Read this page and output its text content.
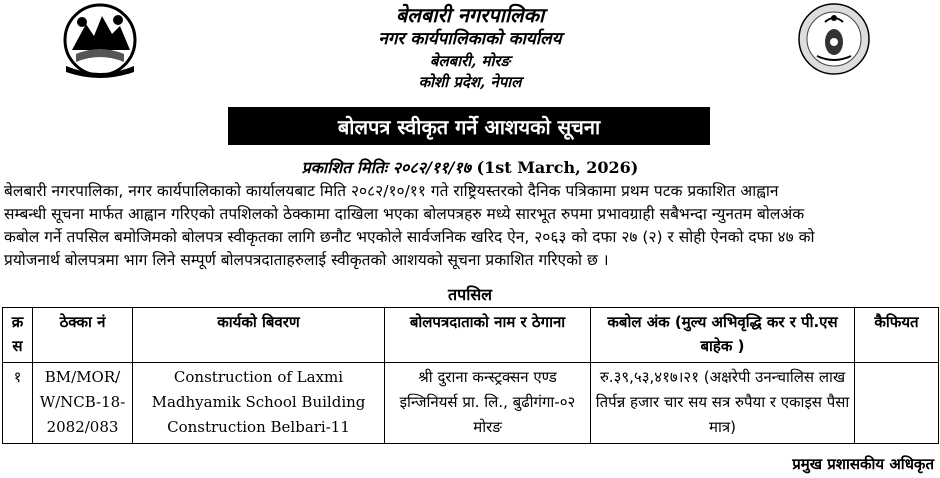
बेलबारी नगरपालिका
नगर कार्यपालिकाको कार्यालय
बेलबारी, मोरङ
कोशी प्रदेश, नेपाल
बोलपत्र स्वीकृत गर्ने आशयको सूचना
प्रकाशित मितिः २०८२/११/१७ (1st March, 2026)
बेलबारी नगरपालिका, नगर कार्यपालिकाको कार्यालयबाट मिति २०८२/१०/११ गते राष्ट्रियस्तरको दैनिक पत्रिकामा प्रथम पटक प्रकाशित आह्वान
सम्बन्धी सूचना मार्फत आह्वान गरिएको तपशिलको ठेक्कामा दाखिला भएका बोलपत्रहरु मध्ये सारभूत रुपमा प्रभावग्राही सबैभन्दा न्युनतम बोलअंक
कबोल गर्ने तपसिल बमोजिमको बोलपत्र स्वीकृतका लागि छनौट भएकोले सार्वजनिक खरिद ऐन, २०६३ को दफा २७ (२) र सोही ऐनको दफा ४७ को
प्रयोजनार्थ बोलपत्रमा भाग लिने सम्पूर्ण बोलपत्रदाताहरुलाई स्वीकृतको आशयको सूचना प्रकाशित गरिएको छ ।
तपसिल
क्र स	ठेक्का नं	कार्यको बिवरण	बोलपत्रदाताको नाम र ठेगाना	कबोल अंक (मुल्य अभिवृद्धि कर र पी.एस बाहेक )	कैफियत
१	BM/MOR/ W/NCB-18- 2082/083	Construction of Laxmi Madhyamik School Building Construction Belbari-11	श्री दुराना कन्स्ट्रक्सन एण्ड इन्जिनियर्स प्रा. लि., बुढीगंगा-०२ मोरङ	रु.३९,५३,४१७।२१ (अक्षरेपी उनन्चालिस लाख तिर्पन्न हजार चार सय सत्र रुपैया र एकाइस पैसा मात्र)	
प्रमुख प्रशासकीय अधिकृत
